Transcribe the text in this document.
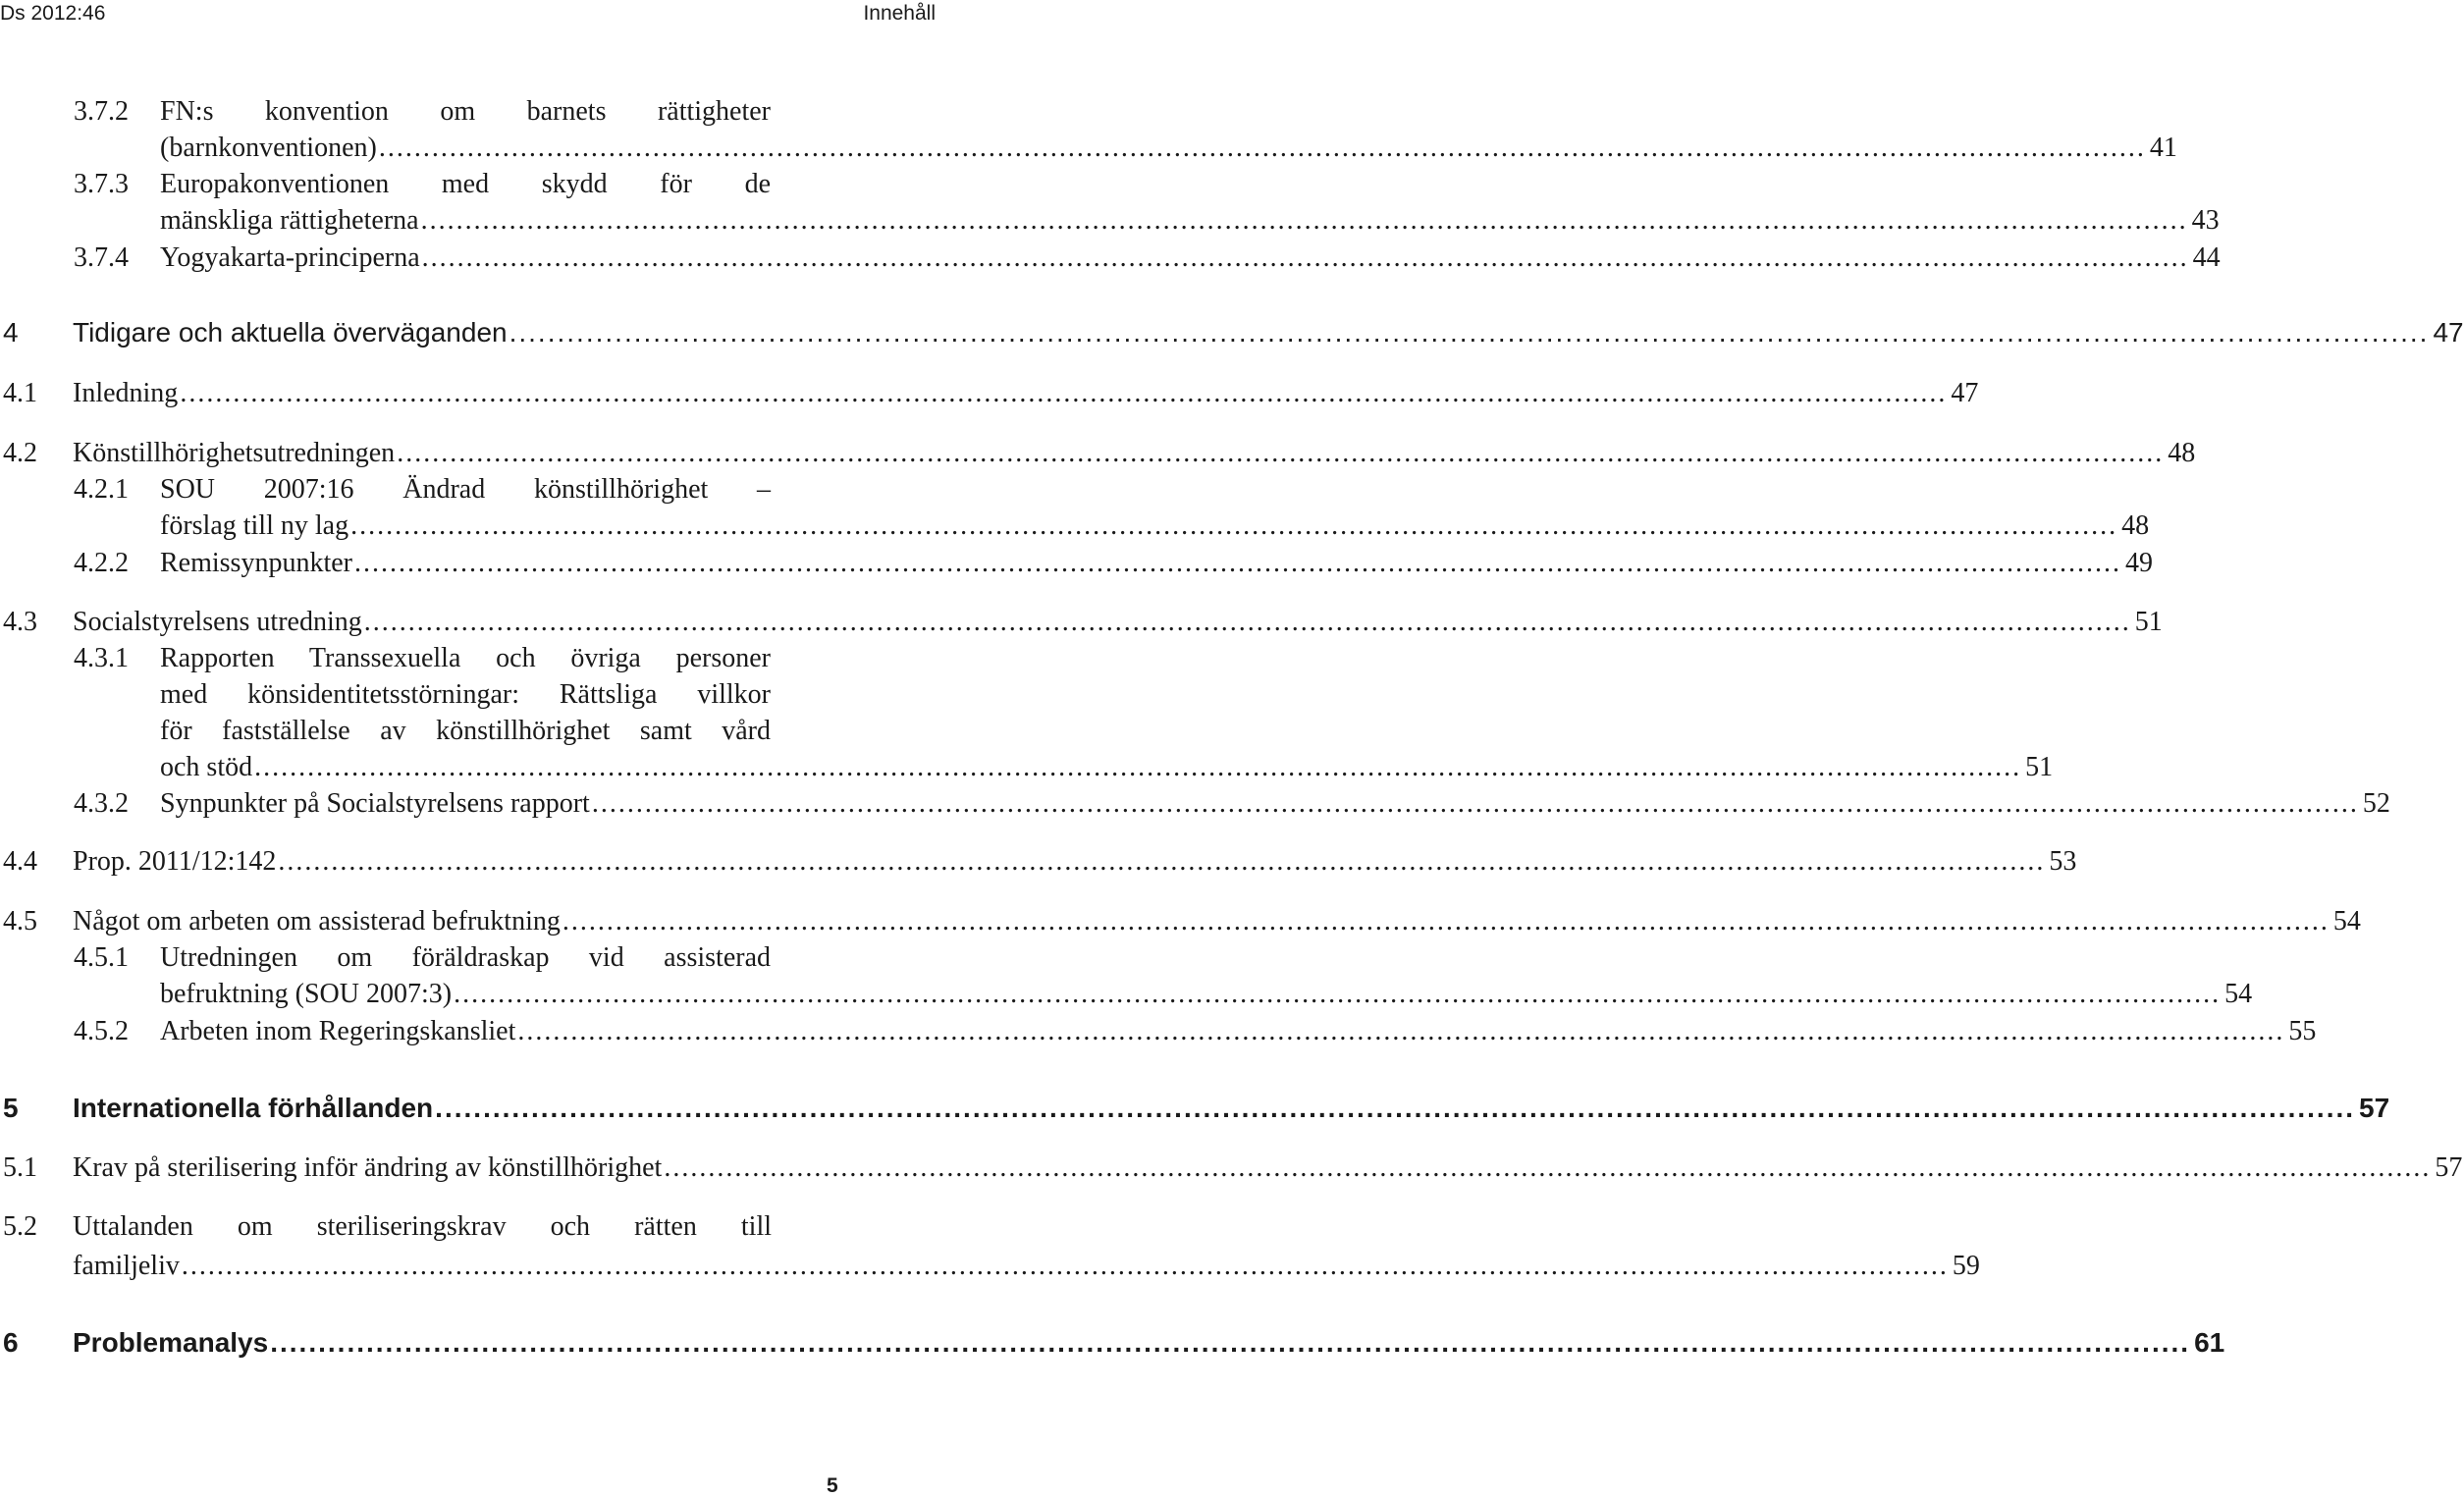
Ds 2012:46	Innehåll
3.7.2 FN:s konvention om barnets rättigheter
(barnkonventionen) ........................................................................................................................................................................................................ 41
3.7.3 Europakonventionen med skydd för de
mänskliga rättigheterna ........................................................................................................................................................................................................ 43
3.7.4 Yogyakarta-principerna ........................................................................................................................................................................................................ 44
4 Tidigare och aktuella överväganden ........................................................................................................................................................................................................ 47
4.1 Inledning ........................................................................................................................................................................................................ 47
4.2 Könstillhörighetsutredningen ........................................................................................................................................................................................................ 48
4.2.1 SOU 2007:16 Ändrad könstillhörighet –
förslag till ny lag ........................................................................................................................................................................................................ 48
4.2.2 Remissynpunkter ........................................................................................................................................................................................................ 49
4.3 Socialstyrelsens utredning ........................................................................................................................................................................................................ 51
4.3.1 Rapporten Transsexuella och övriga personer
med könsidentitetsstörningar: Rättsliga villkor
för fastställelse av könstillhörighet samt vård
och stöd ........................................................................................................................................................................................................ 51
4.3.2 Synpunkter på Socialstyrelsens rapport ........................................................................................................................................................................................................ 52
4.4 Prop. 2011/12:142 ........................................................................................................................................................................................................ 53
4.5 Något om arbeten om assisterad befruktning ........................................................................................................................................................................................................ 54
4.5.1 Utredningen om föräldraskap vid assisterad
befruktning (SOU 2007:3) ........................................................................................................................................................................................................ 54
4.5.2 Arbeten inom Regeringskansliet ........................................................................................................................................................................................................ 55
5 Internationella förhållanden ........................................................................................................................................................................................................ 57
5.1 Krav på sterilisering inför ändring av könstillhörighet ........................................................................................................................................................................................................ 57
5.2 Uttalanden om steriliseringskrav och rätten till
familjeliv ........................................................................................................................................................................................................ 59
6 Problemanalys ........................................................................................................................................................................................................ 61
5
